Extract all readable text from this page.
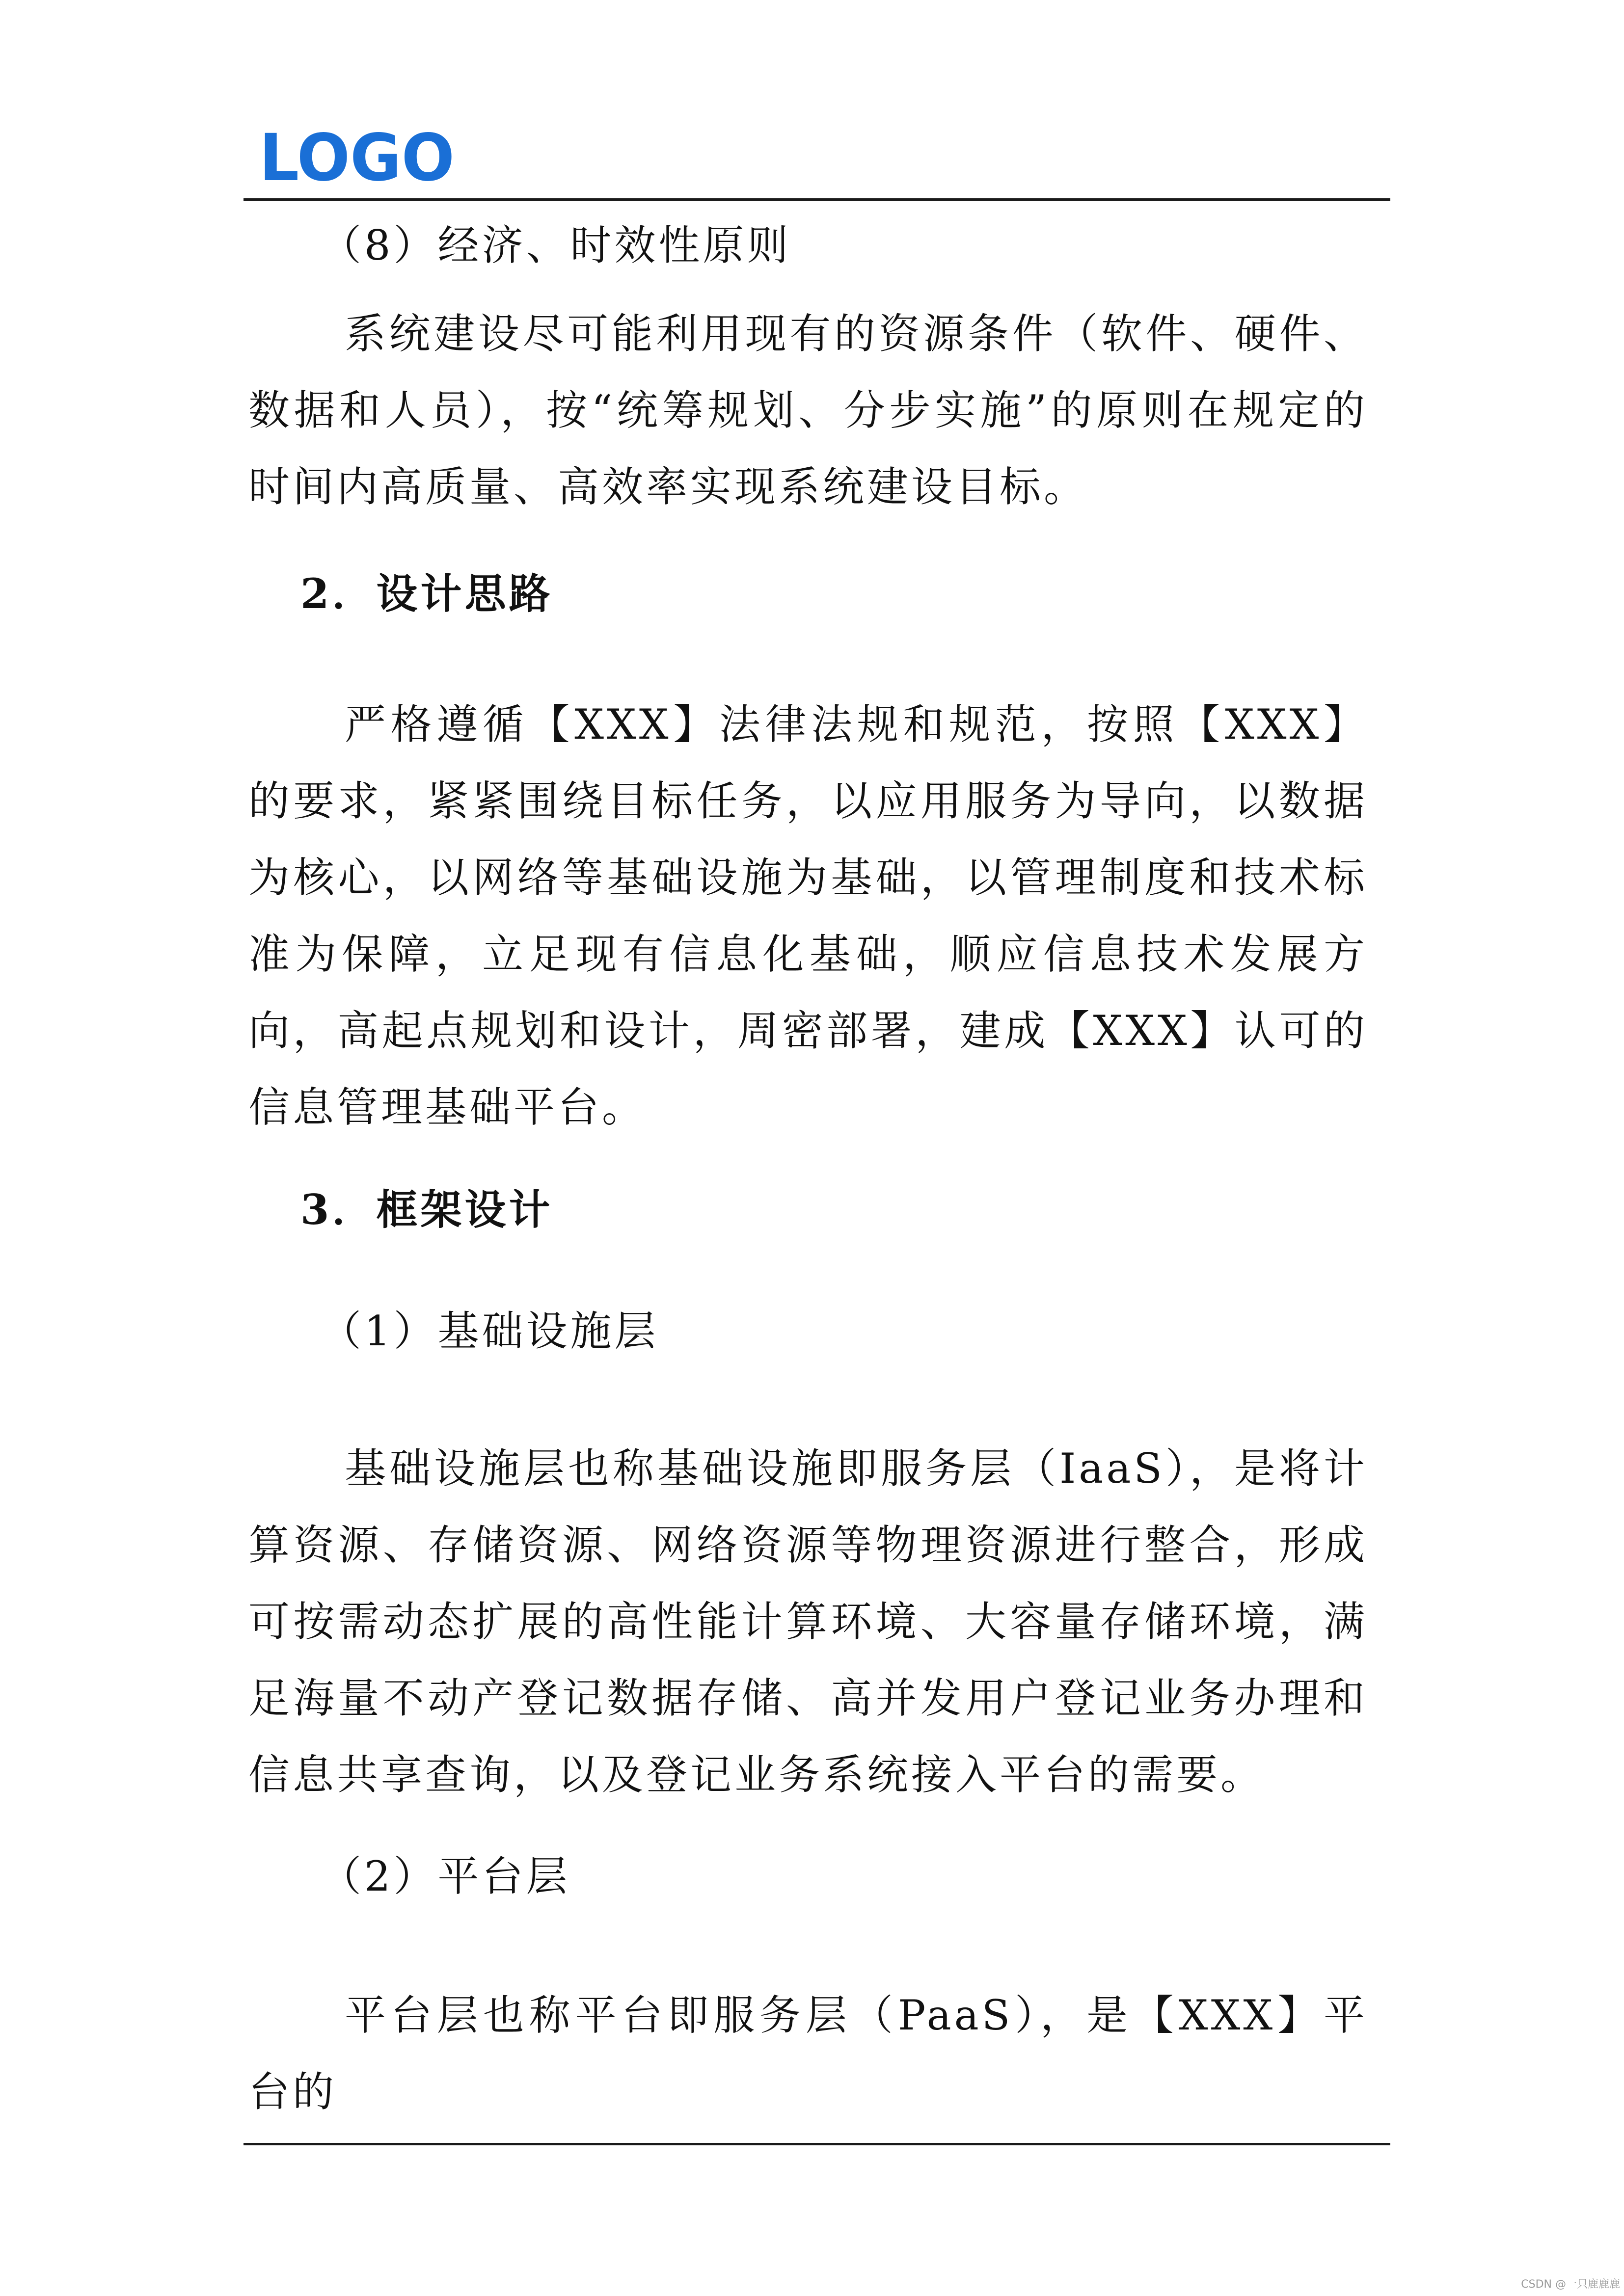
LOGO
（8）经济、时效性原则

系统建设尽可能利用现有的资源条件（软件、硬件、数据和人员），按“统筹规划、分步实施”的原则在规定的时间内高质量、高效率实现系统建设目标。

2．设计思路

严格遵循【XXX】法律法规和规范，按照【XXX】的要求，紧紧围绕目标任务，以应用服务为导向，以数据为核心，以网络等基础设施为基础，以管理制度和技术标准为保障，立足现有信息化基础，顺应信息技术发展方向，高起点规划和设计，周密部署，建成【XXX】认可的信息管理基础平台。

3．框架设计
（1）基础设施层

基础设施层也称基础设施即服务层（IaaS），是将计算资源、存储资源、网络资源等物理资源进行整合，形成可按需动态扩展的高性能计算环境、大容量存储环境，满足海量不动产登记数据存储、高并发用户登记业务办理和信息共享查询，以及登记业务系统接入平台的需要。

（2）平台层

平台层也称平台即服务层（PaaS），是【XXX】平台的

CSDN @一只鹿鹿鹿
